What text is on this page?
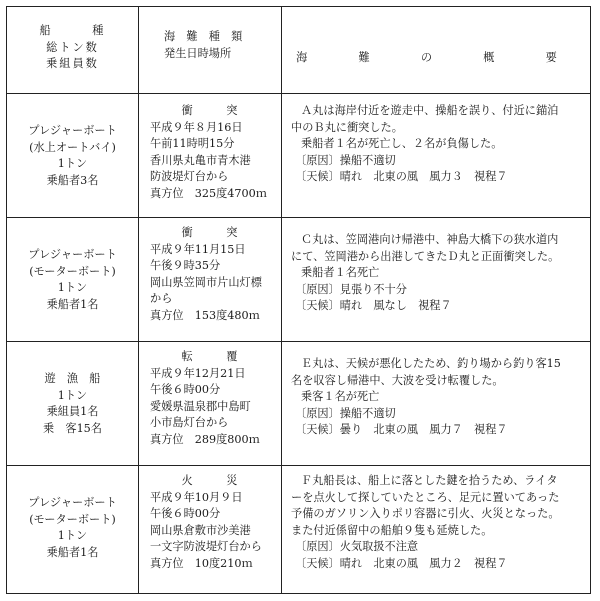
船　　　種
総トン数
乗組員数
海　難　種　類
発生日時場所	海　難　の　概　要
プレジャーボート
(水上オートバイ)
1トン
乗船者3名
衝　　　突
平成９年８月16日
午前11時明15分
香川県丸亀市青木港
防波堤灯台から
真方位　325度4700ｍ
Ａ丸は海岸付近を遊走中、操船を誤り、付近に錨泊
中のＢ丸に衝突した。
乗船者１名が死亡し、２名が負傷した。
〔原因〕操船不適切
〔天候〕晴れ　北東の風　風力３　視程７
プレジャーボート
(モーターボート)
1トン
乗船者1名
衝　　　突
平成９年11月15日
午後９時35分
岡山県笠岡市片山灯標
から
真方位　153度480ｍ
Ｃ丸は、笠岡港向け帰港中、神島大橋下の狭水道内
にて、笠岡港から出港してきたＤ丸と正面衝突した。
乗船者１名死亡
〔原因〕見張り不十分
〔天候〕晴れ　風なし　視程７
遊　漁　船
1トン
乗組員1名
乗　客15名
転　　　覆
平成９年12月21日
午後６時00分
愛媛県温泉郡中島町
小市島灯台から
真方位　289度800ｍ
Ｅ丸は、天候が悪化したため、釣り場から釣り客15
名を収容し帰港中、大波を受け転覆した。
乗客１名が死亡
〔原因〕操船不適切
〔天候〕曇り　北東の風　風力７　視程７
プレジャーボート
(モーターボート)
1トン
乗船者1名
火　　　災
平成９年10月９日
午後６時00分
岡山県倉敷市沙美港
一文字防波堤灯台から
真方位　10度210ｍ
Ｆ丸船長は、船上に落とした鍵を拾うため、ライタ
ーを点火して探していたところ、足元に置いてあった
予備のガソリン入りポリ容器に引火、火災となった。
また付近係留中の船舶９隻も延焼した。
〔原因〕火気取扱不注意
〔天候〕晴れ　北東の風　風力２　視程７
